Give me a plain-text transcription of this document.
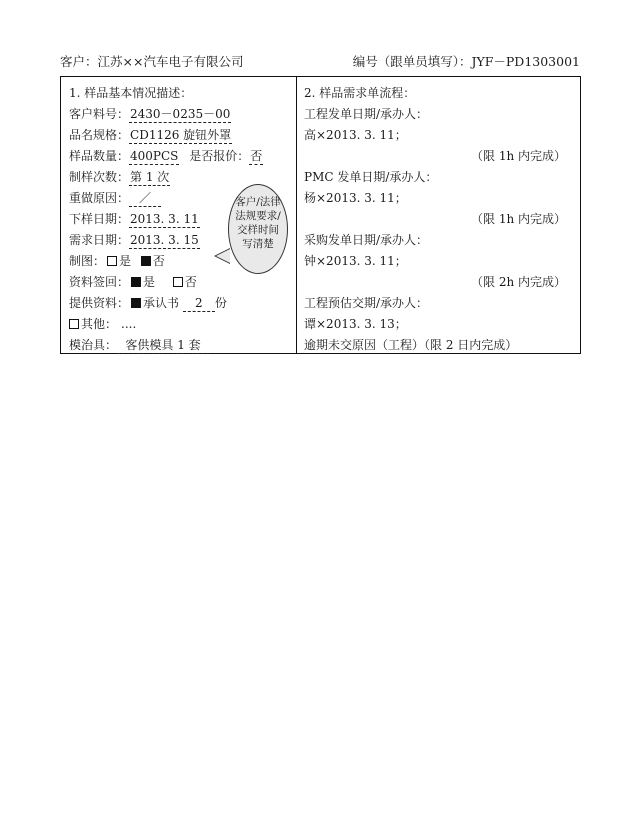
客户：江苏××汽车电子有限公司	编号（跟单员填写）：JYF－PD1303001
1. 样品基本情况描述：
客户料号：2430－0235－00
品名规格：CD1126 旋钮外罩
样品数量：400PCS 是否报价：否
制样次数：第 1 次
重做原因： ／
下样日期：2013. 3. 11
需求日期：2013. 3. 15
制图： 是 否
资料签回： 是 否
提供资料： 承认书 2 份
其他： ....
模治具： 客供模具 1 套
2. 样品需求单流程：
工程发单日期/承办人：
高×2013. 3. 11；
（限 1h 内完成）
PMC 发单日期/承办人：
杨×2013. 3. 11；
（限 1h 内完成）
采购发单日期/承办人：
钟×2013. 3. 11；
（限 2h 内完成）
工程预估交期/承办人：
谭×2013. 3. 13；
逾期未交原因（工程）（限 2 日内完成）
客户/法律
法规要求/
交样时间
写清楚
